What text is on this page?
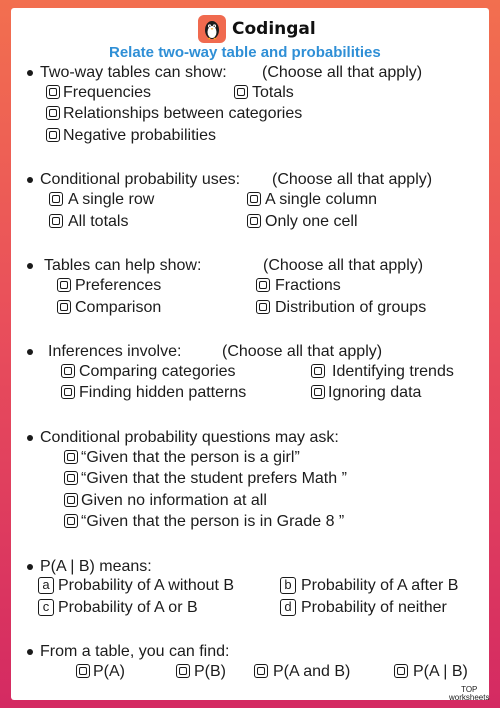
Codingal
Relate two-way table and probabilities
Two-way tables can show: (Choose all that apply)
Frequencies	Totals
Relationships between categories
Negative probabilities
Conditional probability uses: (Choose all that apply)
A single row	A single column
All totals	Only one cell
Tables can help show:	(Choose all that apply)
Preferences	Fractions
Comparison	Distribution of groups
Inferences involve:	(Choose all that apply)
Comparing categories	Identifying trends
Finding hidden patterns	Ignoring data
Conditional probability questions may ask:
“Given that the person is a girl”
“Given that the student prefers Math ”
Given no information at all
“Given that the person is in Grade 8 ”
P(A | B) means:
a Probability of A without B	b Probability of A after B
c Probability of A or B	d Probability of neither
From a table, you can find:
P(A)	P(B)	P(A and B)	P(A | B)
TOP
worksheets
